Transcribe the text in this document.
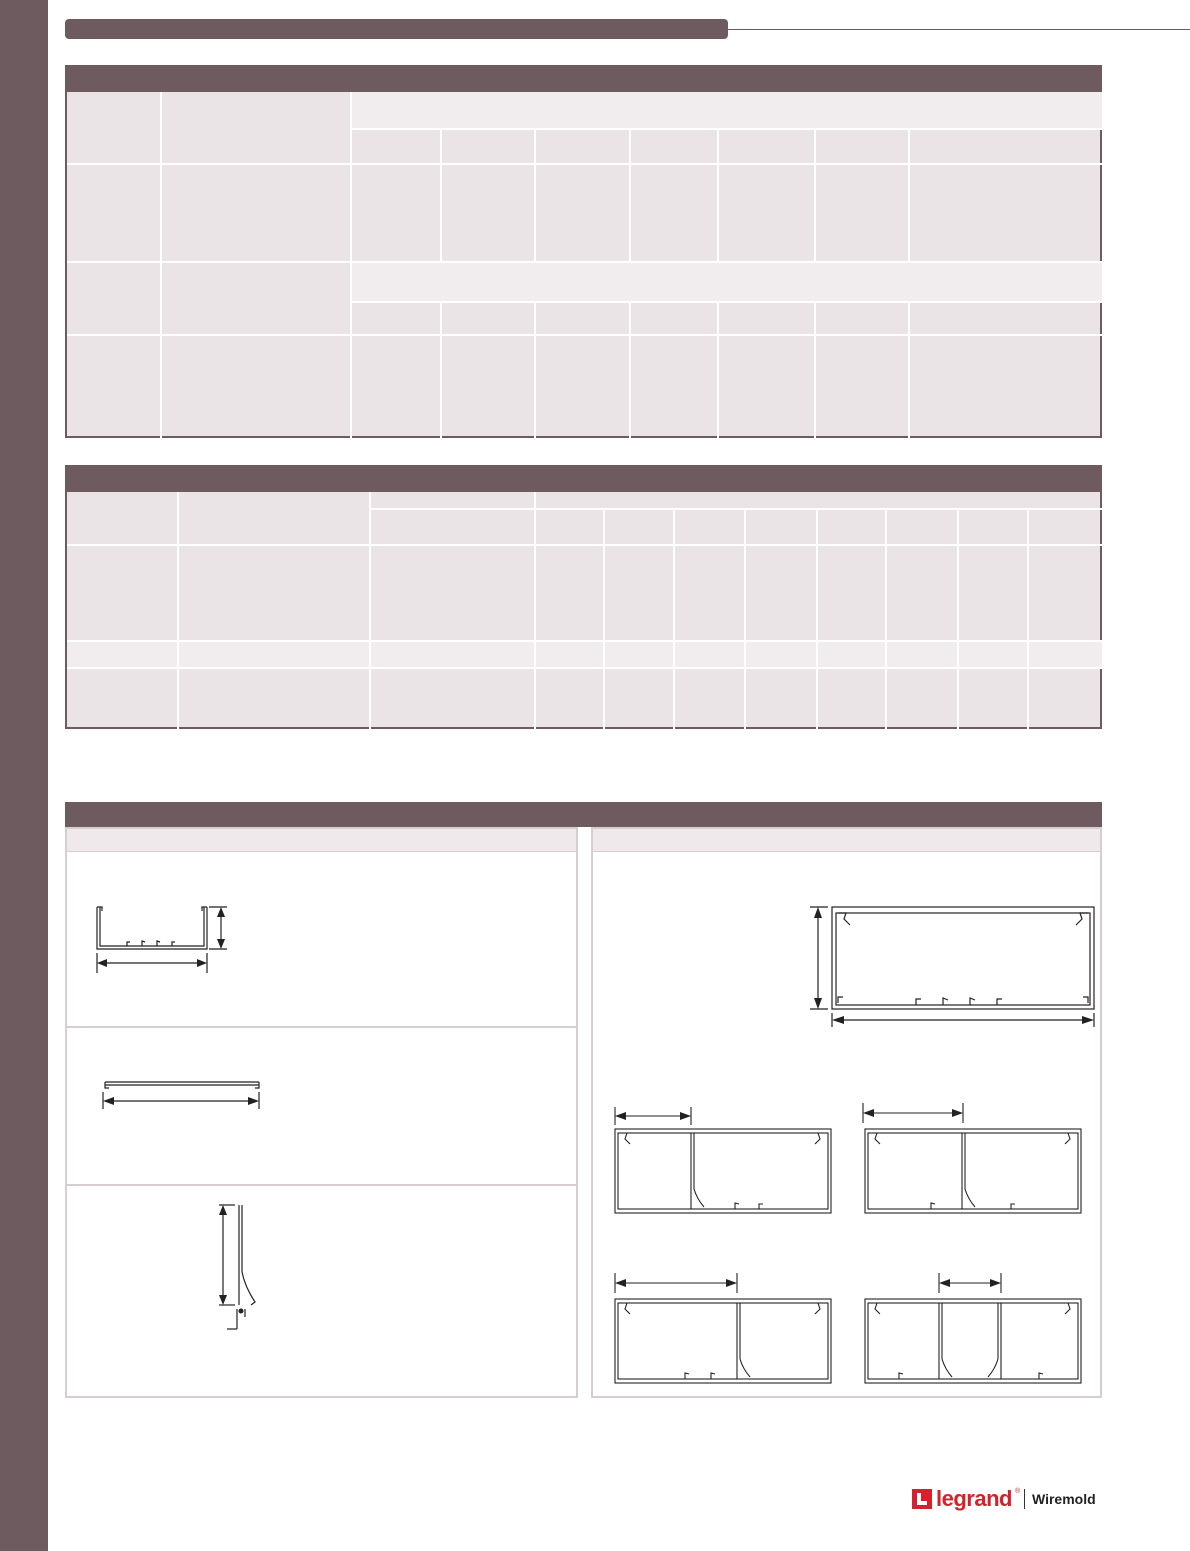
legrand ® Wiremold
